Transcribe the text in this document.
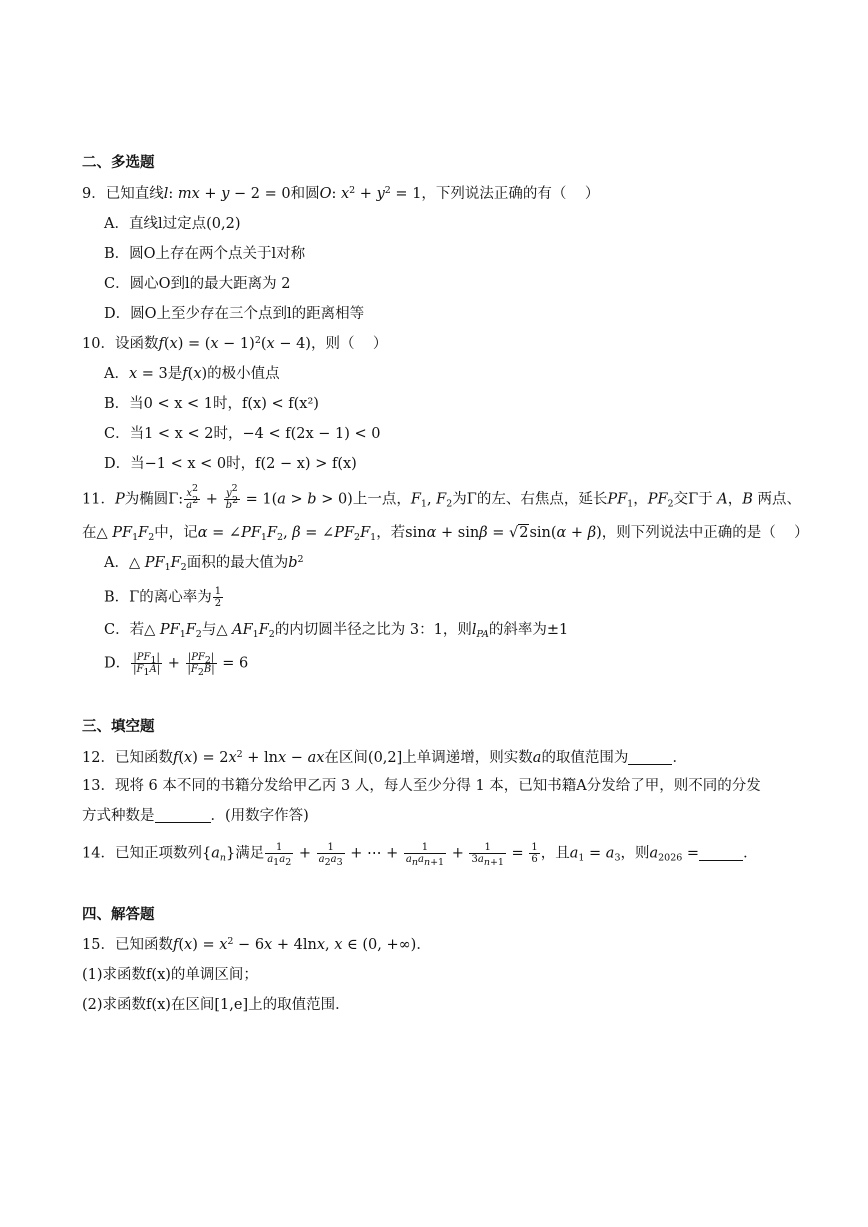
二、多选题
9．已知直线l: mx + y − 2 = 0和圆O: $x^2 + y^2 = 1$，下列说法正确的有（    ）
A．直线l过定点(0,2)
B．圆O上存在两个点关于l对称
C．圆心O到l的最大距离为 2
D．圆O上至少存在三个点到l的距离相等
10．设函数$f(x) = (x - 1)^2(x - 4)$，则（    ）
A．x = 3是f(x)的极小值点
B．当0 < x < 1时，f(x) < f(x²)
C．当1 < x < 2时，−4 < f(2x − 1) < 0
D．当−1 < x < 0时，f(2 − x) > f(x)
11．P为椭圆Γ: $\frac{x^2}{a^2} + \frac{y^2}{b^2} = 1(a > b > 0)$上一点，$F_1$, $F_2$为Γ的左、右焦点，延长$PF_1$，$PF_2$交Γ于 A，B 两点、
在△ $PF_1F_2$中，记$\alpha = \angle PF_1F_2$, $\beta = \angle PF_2F_1$，若sinα + sinβ = √2sin(α + β)，则下列说法中正确的是（    ）
A．△ $PF_1F_2$面积的最大值为$b^2$
B．Γ的离心率为 $\frac{1}{2}$
C．若△ $PF_1F_2$与△ $AF_1F_2$的内切圆半径之比为 3：1，则$l_{PA}$的斜率为±1
D． $\frac{|PF_1|}{|F_1A|} + \frac{|PF_2|}{|F_2B|} = 6$
三、填空题
12．已知函数$f(x) = 2x^2 + \ln x$ − ax在区间(0,2]上单调递增，则实数a的取值范围为	．
13．现将 6 本不同的书籍分发给甲乙丙 3 人，每人至少分得 1 本，已知书籍A分发给了甲，则不同的分发
方式种数是	．(用数字作答)
14．已知正项数列$\{a_n\}$满足 $\frac{1}{a_1a_2} + \frac{1}{a_2a_3}$ + ⋯ + $\frac{1}{a_na_{n+1}} + \frac{1}{3a_{n+1}} = \frac{1}{6}$ ，且$a_1 = a_3$，则$a_{2026}$ =	．
四、解答题
15．已知函数$f(x) = x^2 - 6x + 4\ln x$, x ∈ (0, +∞)．
(1)求函数f(x)的单调区间；
(2)求函数f(x)在区间[1,e]上的取值范围．
